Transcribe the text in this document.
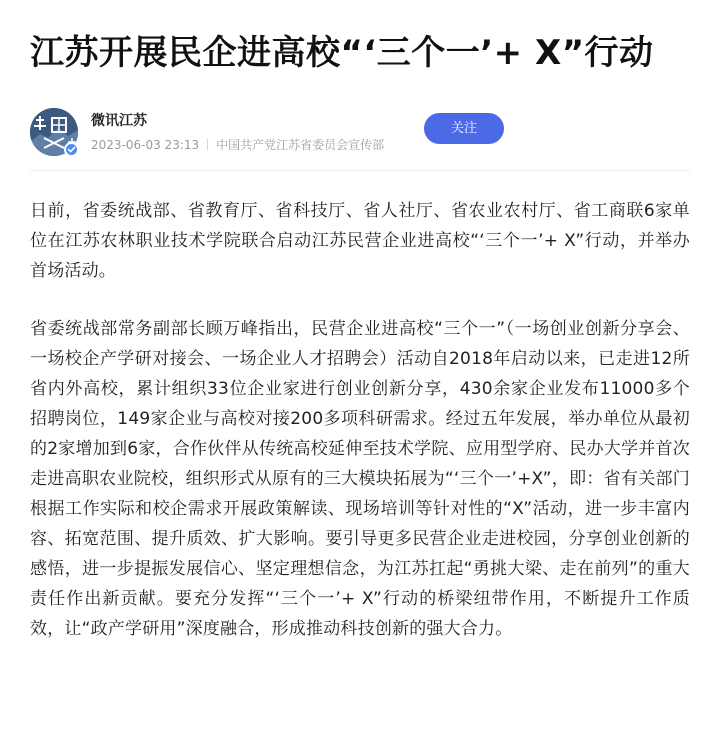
江苏开展民企进高校“‘三个一’+ X”行动
微讯江苏
2023-06-03 23:13 中国共产党江苏省委员会宣传部
关注

日前，省委统战部、省教育厅、省科技厅、省人社厅、省农业农村厅、省工商联6家单位在江苏农林职业技术学院联合启动江苏民营企业进高校“‘三个一’+ X”行动，并举办首场活动。

省委统战部常务副部长顾万峰指出，民营企业进高校“三个一”（一场创业创新分享会、一场校企产学研对接会、一场企业人才招聘会）活动自2018年启动以来，已走进12所省内外高校，累计组织33位企业家进行创业创新分享，430余家企业发布11000多个招聘岗位，149家企业与高校对接200多项科研需求。经过五年发展，举办单位从最初的2家增加到6家，合作伙伴从传统高校延伸至技术学院、应用型学府、民办大学并首次走进高职农业院校，组织形式从原有的三大模块拓展为“‘三个一’+X”，即：省有关部门根据工作实际和校企需求开展政策解读、现场培训等针对性的“X”活动，进一步丰富内容、拓宽范围、提升质效、扩大影响。要引导更多民营企业走进校园，分享创业创新的感悟，进一步提振发展信心、坚定理想信念，为江苏扛起“勇挑大梁、走在前列”的重大责任作出新贡献。要充分发挥“‘三个一’+ X”行动的桥梁纽带作用，不断提升工作质效，让“政产学研用”深度融合，形成推动科技创新的强大合力。
